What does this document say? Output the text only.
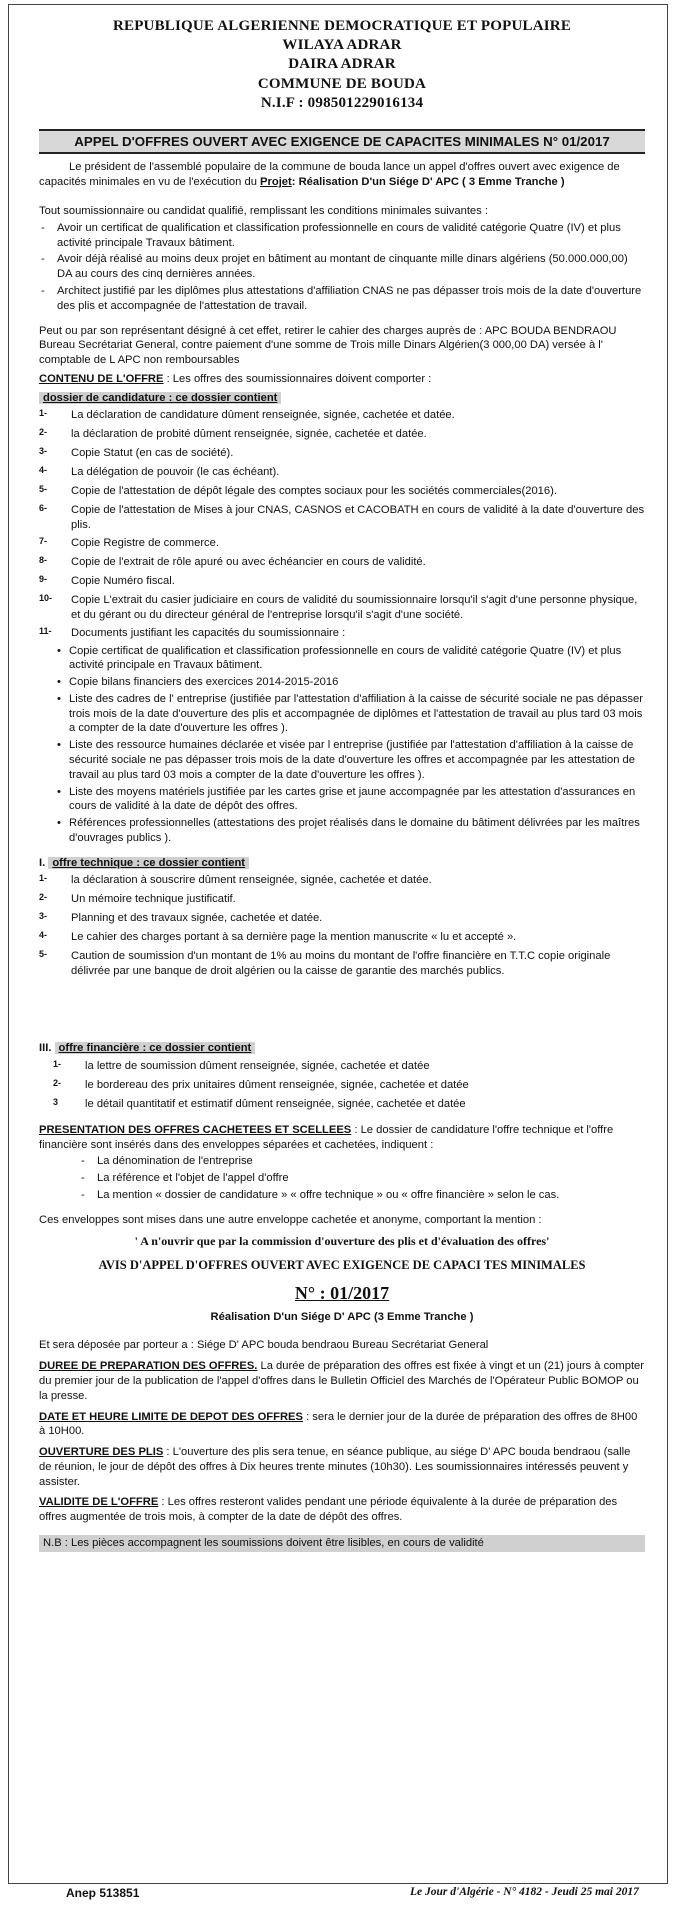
REPUBLIQUE ALGERIENNE DEMOCRATIQUE ET POPULAIRE
WILAYA ADRAR
DAIRA ADRAR
COMMUNE DE BOUDA
N.I.F : 098501229016134
APPEL D'OFFRES OUVERT AVEC EXIGENCE DE CAPACITES MINIMALES N° 01/2017

Le président de l'assemblé populaire de la commune de bouda lance un appel d'offres ouvert avec exigence de capacités minimales en vu de l'exécution du Projet: Réalisation D'un Siége D' APC ( 3 Emme Tranche )

Tout soumissionnaire ou candidat qualifié, remplissant les conditions minimales suivantes :

- Avoir un certificat de qualification et classification professionnelle en cours de validité catégorie Quatre (IV) et plus activité principale Travaux bâtiment.
- Avoir déjà réalisé au moins deux projet en bâtiment au montant de cinquante mille dinars algériens (50.000.000,00) DA au cours des cinq dernières années.
- Architect justifié par les diplômes plus attestations d'affiliation CNAS ne pas dépasser trois mois de la date d'ouverture des plis et accompagnée de l'attestation de travail.

Peut ou par son représentant désigné à cet effet, retirer le cahier des charges auprès de : APC BOUDA BENDRAOU Bureau Secrétariat General, contre paiement d'une somme de Trois mille Dinars Algérien(3 000,00 DA) versée à l' comptable de L APC non remboursables

CONTENU DE L'OFFRE : Les offres des soumissionnaires doivent comporter :

dossier de candidature : ce dossier contient
1- La déclaration de candidature dûment renseignée, signée, cachetée et datée.
2- la déclaration de probité dûment renseignée, signée, cachetée et datée.
3- Copie Statut (en cas de société).
4- La délégation de pouvoir (le cas échéant).
5- Copie de l'attestation de dépôt légale des comptes sociaux pour les sociétés commerciales(2016).
6- Copie de l'attestation de Mises à jour CNAS, CASNOS et CACOBATH en cours de validité à la date d'ouverture des plis.
7- Copie Registre de commerce.
8- Copie de l'extrait de rôle apuré ou avec échéancier en cours de validité.
9- Copie Numéro fiscal.
10- Copie L'extrait du casier judiciaire en cours de validité du soumissionnaire lorsqu'il s'agit d'une personne physique, et du gérant ou du directeur général de l'entreprise lorsqu'il s'agit d'une société.
11- Documents justifiant les capacités du soumissionnaire :
• Copie certificat de qualification et classification professionnelle en cours de validité catégorie Quatre (IV) et plus activité principale en Travaux bâtiment.
• Copie bilans financiers des exercices 2014-2015-2016
• Liste des cadres de l' entreprise (justifiée par l'attestation d'affiliation à la caisse de sécurité sociale ne pas dépasser trois mois de la date d'ouverture des plis et accompagnée de diplômes et l'attestation de travail au plus tard 03 mois a compter de la date d'ouverture les offres ).
• Liste des ressource humaines déclarée et visée par l entreprise (justifiée par l'attestation d'affiliation à la caisse de sécurité sociale ne pas dépasser trois mois de la date d'ouverture les offres et accompagnée par les attestation de travail au plus tard 03 mois a compter de la date d'ouverture les offres ).
• Liste des moyens matériels justifiée par les cartes grise et jaune accompagnée par les attestation d'assurances en cours de validité à la date de dépôt des offres.
• Références professionnelles (attestations des projet réalisés dans le domaine du bâtiment délivrées par les maîtres d'ouvrages publics ).
I. offre technique : ce dossier contient
1- la déclaration à souscrire dûment renseignée, signée, cachetée et datée.
2- Un mémoire technique justificatif.
3- Planning et des travaux signée, cachetée et datée.
4- Le cahier des charges portant à sa dernière page la mention manuscrite « lu et accepté ».
5- Caution de soumission d'un montant de 1% au moins du montant de l'offre financière en T.T.C copie originale délivrée par une banque de droit algérien ou la caisse de garantie des marchés publics.
III. offre financière : ce dossier contient
1- la lettre de soumission dûment renseignée, signée, cachetée et datée
2- le bordereau des prix unitaires dûment renseignée, signée, cachetée et datée
3 le détail quantitatif et estimatif dûment renseignée, signée, cachetée et datée

PRESENTATION DES OFFRES CACHETEES ET SCELLEES : Le dossier de candidature l'offre technique et l'offre financière sont insérés dans des enveloppes séparées et cachetées, indiquent :

- La dénomination de l'entreprise
- La référence et l'objet de l'appel d'offre
- La mention « dossier de candidature » « offre technique » ou « offre financière » selon le cas.

Ces enveloppes sont mises dans une autre enveloppe cachetée et anonyme, comportant la mention :

' A n'ouvrir que par la commission d'ouverture des plis et d'évaluation des offres'

AVIS D'APPEL D'OFFRES OUVERT AVEC EXIGENCE DE CAPACI TES MINIMALES
N° : 01/2017
Réalisation D'un Siége D' APC (3 Emme Tranche )

Et sera déposée par porteur a : Siége D' APC bouda bendraou Bureau Secrétariat General

DUREE DE PREPARATION DES OFFRES. La durée de préparation des offres est fixée à vingt et un (21) jours à compter du premier jour de la publication de l'appel d'offres dans le Bulletin Officiel des Marchés de l'Opérateur Public BOMOP ou la presse.

DATE ET HEURE LIMITE DE DEPOT DES OFFRES : sera le dernier jour de la durée de préparation des offres de 8H00 à 10H00.

OUVERTURE DES PLIS : L'ouverture des plis sera tenue, en séance publique, au siége D' APC bouda bendraou (salle de réunion, le jour de dépôt des offres à Dix heures trente minutes (10h30). Les soumissionnaires intéressés peuvent y assister.

VALIDITE DE L'OFFRE : Les offres resteront valides pendant une période équivalente à la durée de préparation des offres augmentée de trois mois, à compter de la date de dépôt des offres.

N.B : Les pièces accompagnent les soumissions doivent être lisibles, en cours de validité

Anep 513851	Le Jour d'Algérie - N° 4182 - Jeudi 25 mai 2017
